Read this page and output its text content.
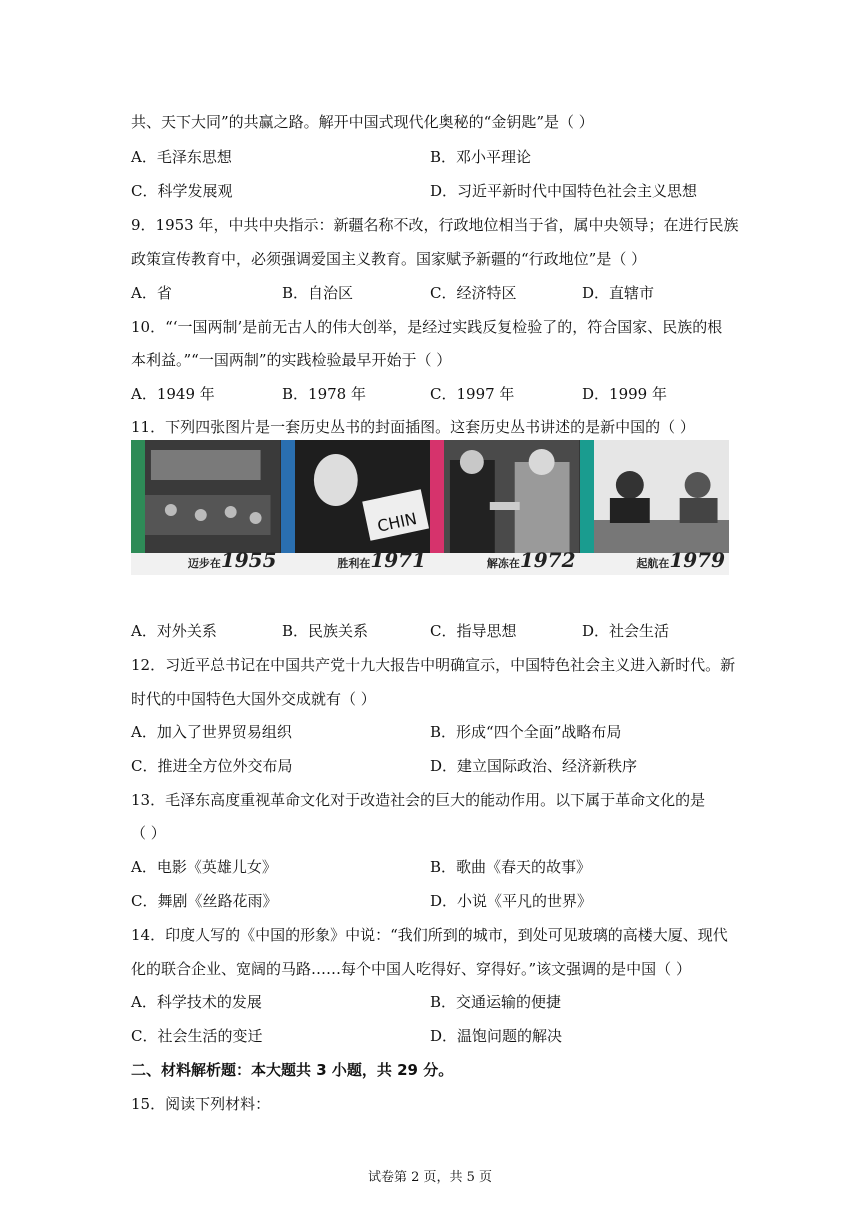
共、天下大同”的共赢之路。解开中国式现代化奥秘的“金钥匙”是（ ）
A．毛泽东思想	B．邓小平理论
C．科学发展观	D．习近平新时代中国特色社会主义思想
9．1953 年，中共中央指示：新疆名称不改，行政地位相当于省，属中央领导；在进行民族
政策宣传教育中，必须强调爱国主义教育。国家赋予新疆的“行政地位”是（ ）
A．省	B．自治区	C．经济特区	D．直辖市
10．“‘一国两制’是前无古人的伟大创举，是经过实践反复检验了的，符合国家、民族的根
本利益。”“一国两制”的实践检验最早开始于（ ）
A．1949 年	B．1978 年	C．1997 年	D．1999 年
11．下列四张图片是一套历史丛书的封面插图。这套历史丛书讲述的是新中国的（ ）
迈步在1955
CHIN
胜利在1971	解冻在1972	起航在1979
A．对外关系	B．民族关系	C．指导思想	D．社会生活
12．习近平总书记在中国共产党十九大报告中明确宣示，中国特色社会主义进入新时代。新
时代的中国特色大国外交成就有（ ）
A．加入了世界贸易组织	B．形成“四个全面”战略布局
C．推进全方位外交布局	D．建立国际政治、经济新秩序
13．毛泽东高度重视革命文化对于改造社会的巨大的能动作用。以下属于革命文化的是
（ ）
A．电影《英雄儿女》	B．歌曲《春天的故事》
C．舞剧《丝路花雨》	D．小说《平凡的世界》
14．印度人写的《中国的形象》中说：“我们所到的城市，到处可见玻璃的高楼大厦、现代
化的联合企业、宽阔的马路……每个中国人吃得好、穿得好。”该文强调的是中国（ ）
A．科学技术的发展	B．交通运输的便捷
C．社会生活的变迁	D．温饱问题的解决
二、材料解析题：本大题共 3 小题，共 29 分。
15．阅读下列材料：
试卷第 2 页，共 5 页
